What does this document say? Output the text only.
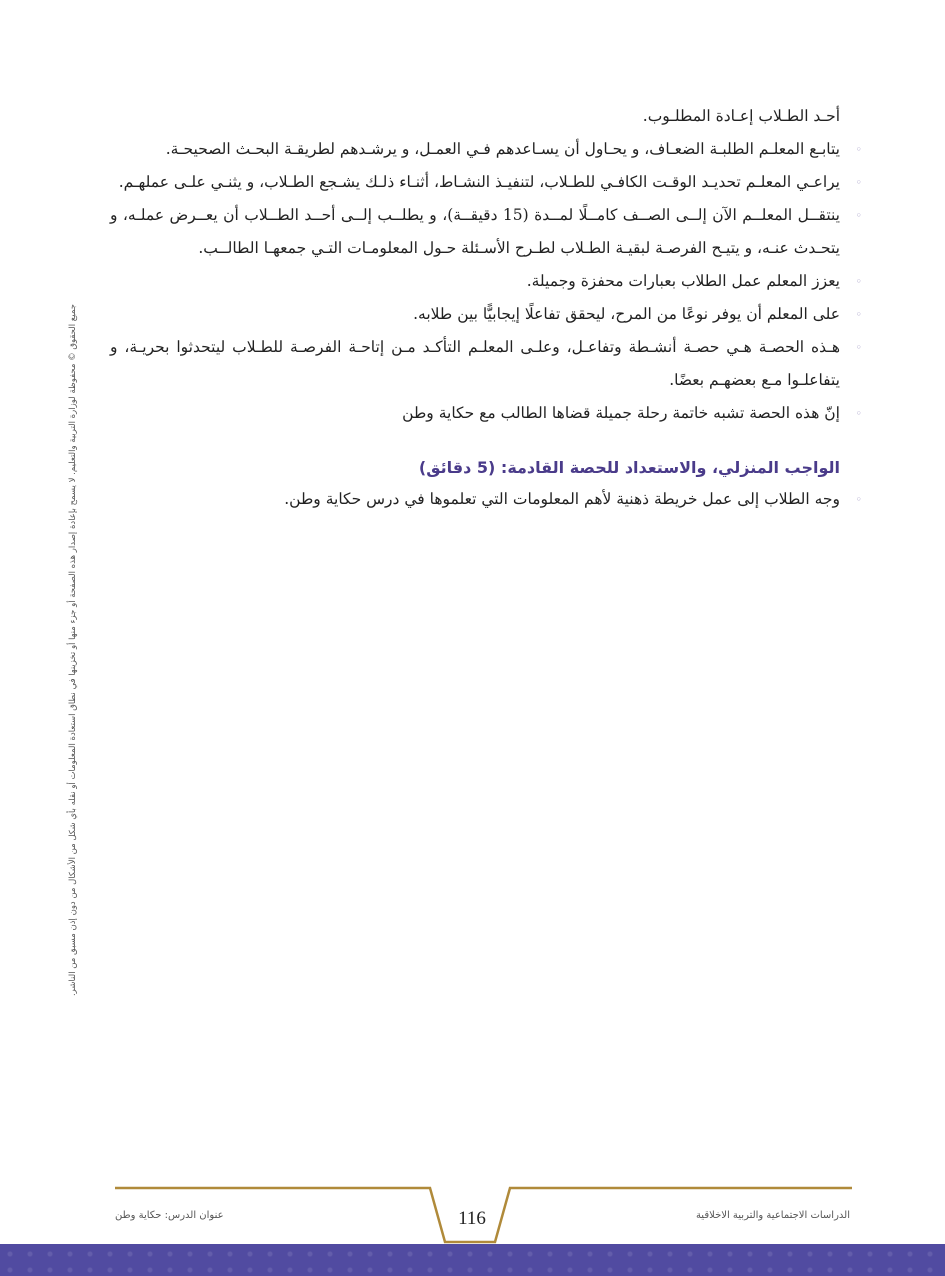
أحـد الطـلاب إعـادة المطلـوب.

◦
يتابـع المعلـم الطلبـة الضعـاف، و يحـاول أن يسـاعدهم فـي العمـل، و يرشـدهم لطريقـة البحـث الصحيحـة.
◦
يراعـي المعلـم تحديـد الوقـت الكافـي للطـلاب، لتنفيـذ النشـاط، أثنـاء ذلـك يشـجع الطـلاب، و يثنـي علـى عملهـم.
◦
ينتقــل المعلــم الآن إلــى الصــف كامــلًا لمــدة (15 دقيقــة)، و يطلــب إلــى أحــد الطــلاب أن يعــرض عملـه، و يتحـدث عنـه، و يتيـح الفرصـة لبقيـة الطـلاب لطـرح الأسـئلة حـول المعلومـات التـي جمعهـا الطالــب.
◦
يعزز المعلم عمل الطلاب بعبارات محفزة وجميلة.
◦
على المعلم أن يوفر نوعًا من المرح، ليحقق تفاعلًا إيجابيًّا بين طلابه.
◦
هـذه الحصـة هـي حصـة أنشـطة وتفاعـل، وعلـى المعلـم التأكـد مـن إتاحـة الفرصـة للطـلاب ليتحدثوا بحريـة، و يتفاعلـوا مـع بعضهـم بعضًا.
◦
إنّ هذه الحصة تشبه خاتمة رحلة جميلة قضاها الطالب مع حكاية وطن
الواجب المنزلي، والاستعداد للحصة القادمة: (5 دقائق)
◦
وجه الطلاب إلى عمل خريطة ذهنية لأهم المعلومات التي تعلموها في درس حكاية وطن.
جميع الحقوق © محفوظة لوزارة التربية والتعليم. لا يسمح بإعادة إصدار هذه الصفحة أو جزء منها أو تخزينها في نطاق استعادة المعلومات أو نقله بأي شكل من الأشكال من دون إذن مسبق من الناشر.
عنوان الدرس: حكاية وطن	116	الدراسات الاجتماعية والتربية الاخلاقية
